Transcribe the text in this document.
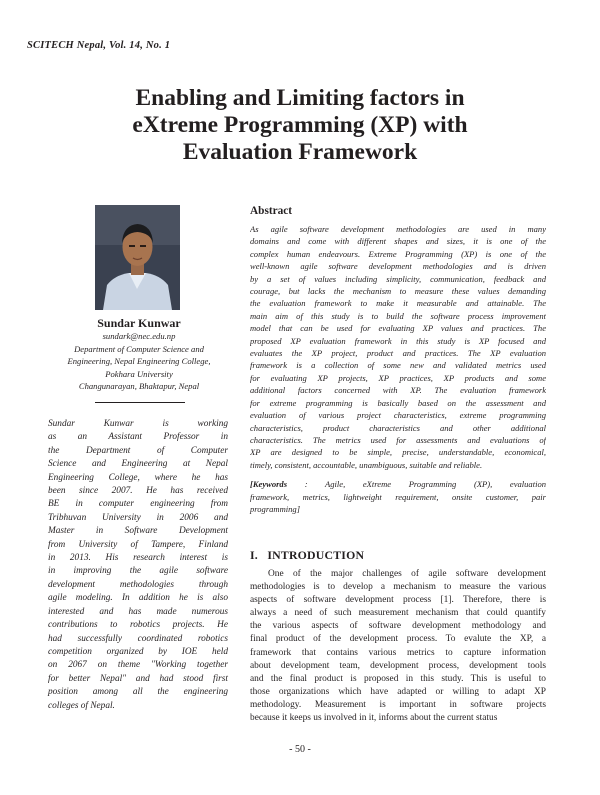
SCITECH Nepal, Vol. 14, No. 1
Enabling and Limiting factors in
eXtreme Programming (XP) with
Evaluation Framework
Sundar Kunwar
sundark@nec.edu.np
Department of Computer Science and
Engineering, Nepal Engineering College,
Pokhara University
Changunarayan, Bhaktapur, Nepal
Sundar Kunwar is working
as an Assistant Professor in
the Department of Computer
Science and Engineering at Nepal
Engineering College, where he has
been since 2007. He has received
BE in computer engineering from
Tribhuvan University in 2006 and
Master in Software Development
from University of Tampere, Finland
in 2013. His research interest is
in improving the agile software
development methodologies through
agile modeling. In addition he is also
interested and has made numerous
contributions to robotics projects. He
had successfully coordinated robotics
competition organized by IOE held
on 2067 on theme "Working together
for better Nepal" and had stood first
position among all the engineering
colleges of Nepal.
Abstract
As agile software development methodologies are used in many
domains and come with different shapes and sizes, it is one of the
complex human endeavours. Extreme Programming (XP) is one of the
well-known agile software development methodologies and is driven
by a set of values including simplicity, communication, feedback and
courage, but lacks the mechanism to measure these values demanding
the evaluation framework to make it measurable and attainable. The
main aim of this study is to build the software process improvement
model that can be used for evaluating XP values and practices. The
proposed XP evaluation framework in this study is XP focused and
evaluates the XP project, product and practices. The XP evaluation
framework is a collection of some new and validated metrics used
for evaluating XP projects, XP practices, XP products and some
additional factors concerned with XP. The evaluation framework
for extreme programming is basically based on the assessment and
evaluation of various project characteristics, extreme programming
characteristics, product characteristics and other additional
characteristics. The metrics used for assessments and evaluations of
XP are designed to be simple, precise, understandable, economical,
timely, consistent, accountable, unambiguous, suitable and reliable.
[Keywords : Agile, eXtreme Programming (XP), evaluation
framework, metrics, lightweight requirement, onsite customer, pair
programming]
I.   INTRODUCTION
One of the major challenges of agile software development
methodologies is to develop a mechanism to measure the various
aspects of software development process [1]. Therefore, there is
always a need of such measurement mechanism that could quantify
the various aspects of software development methodology and
final product of the development process. To evalute the XP, a
framework that contains various metrics to capture information
about development team, development process, development tools
and the final product is proposed in this study. This is useful to
those organizations which have adapted or willing to adapt XP
methodology. Measurement is important in software projects
because it keeps us involved in it, informs about the current status
- 50 -
